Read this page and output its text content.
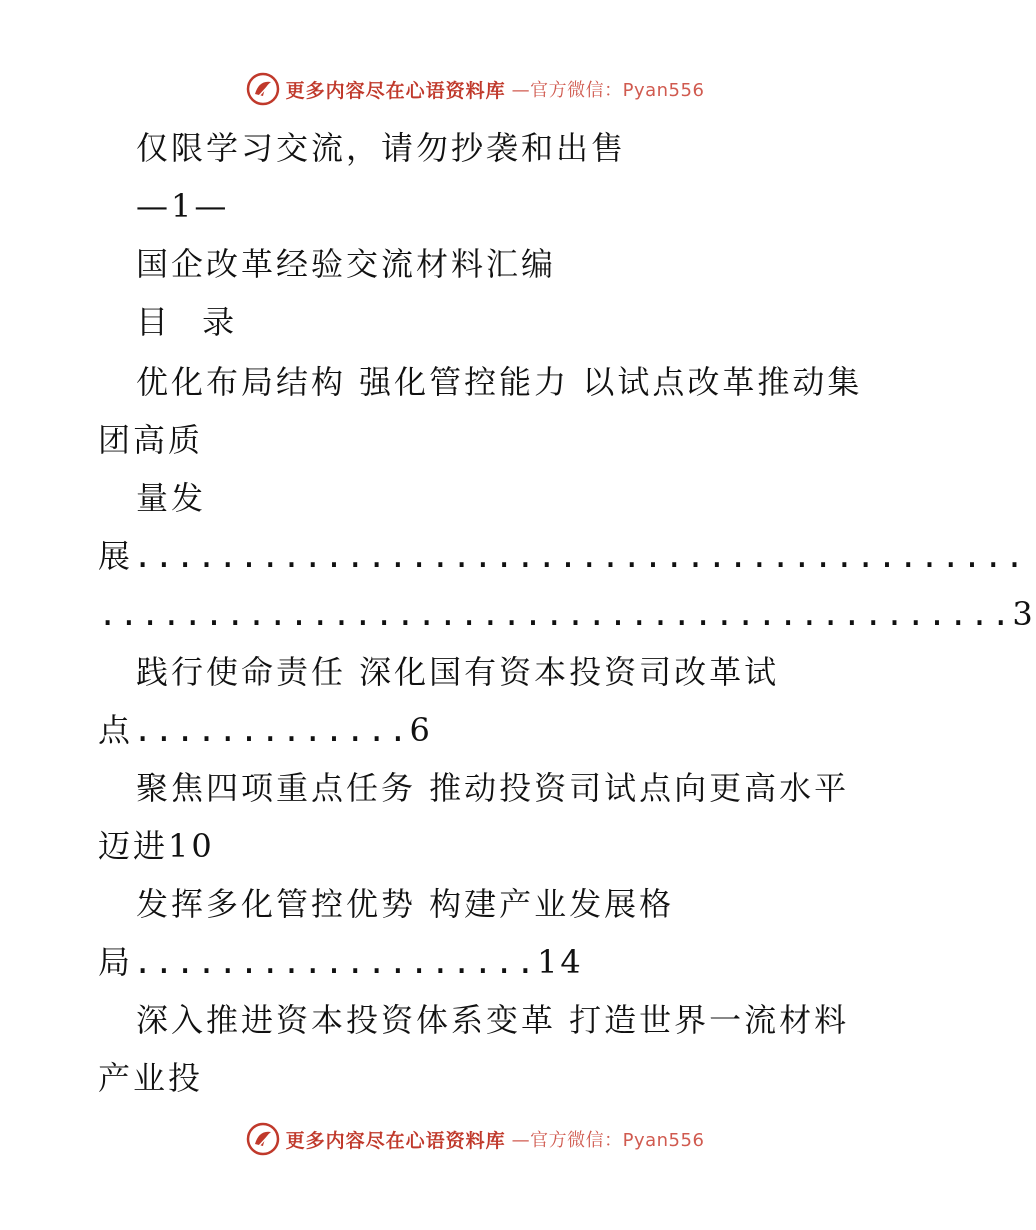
更多内容尽在心语资料库 —官方微信：Pyan556
仅限学习交流，请勿抄袭和出售
—1—
国企改革经验交流材料汇编
目 录
优化布局结构 强化管控能力 以试点改革推动集
团高质
量发
展..........................................
...........................................3
践行使命责任 深化国有资本投资司改革试
点.............6
聚焦四项重点任务 推动投资司试点向更高水平
迈进10
发挥多化管控优势 构建产业发展格
局...................14
深入推进资本投资体系变革 打造世界一流材料
产业投
更多内容尽在心语资料库 —官方微信：Pyan556
